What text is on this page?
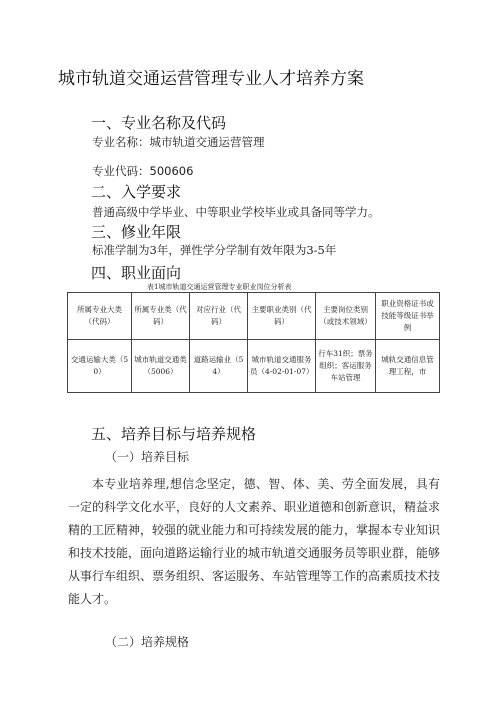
城市轨道交通运营管理专业人才培养方案
一、专业名称及代码
专业名称：城市轨道交通运营管理
专业代码：500606
二、入学要求
普通高级中学毕业、中等职业学校毕业或具备同等学力。
三、修业年限
标准学制为3年，弹性学分学制有效年限为3-5年
四、职业面向
表1城市轨道交通运营管理专业职业岗位分析表
所属专业大类（代码）	所属专业类（代码）	对应行业（代码）	主要职业类别（代码）	主要岗位类别（或技术领域）	职业资格证书或技能等级证书举例
交通运输大类（50）	城市轨道交通类（5006）	道路运输业（54）	城市轨道交通服务员（4-02-01-07）	行车31织；票务组织；客运服务车站管理	城轨交通信息管理工程，市
五、培养目标与培养规格
（一）培养目标

本专业培养理,想信念坚定，德、智、体、美、劳全面发展，具有一定的科学文化水平，良好的人文素养、职业道德和创新意识，精益求精的工匠精神，较强的就业能力和可持续发展的能力，掌握本专业知识和技术技能，面向道路运输行业的城市轨道交通服务员等职业群，能够从事行车组织、票务组织、客运服务、车站管理等工作的高素质技术技能人才。

（二）培养规格
